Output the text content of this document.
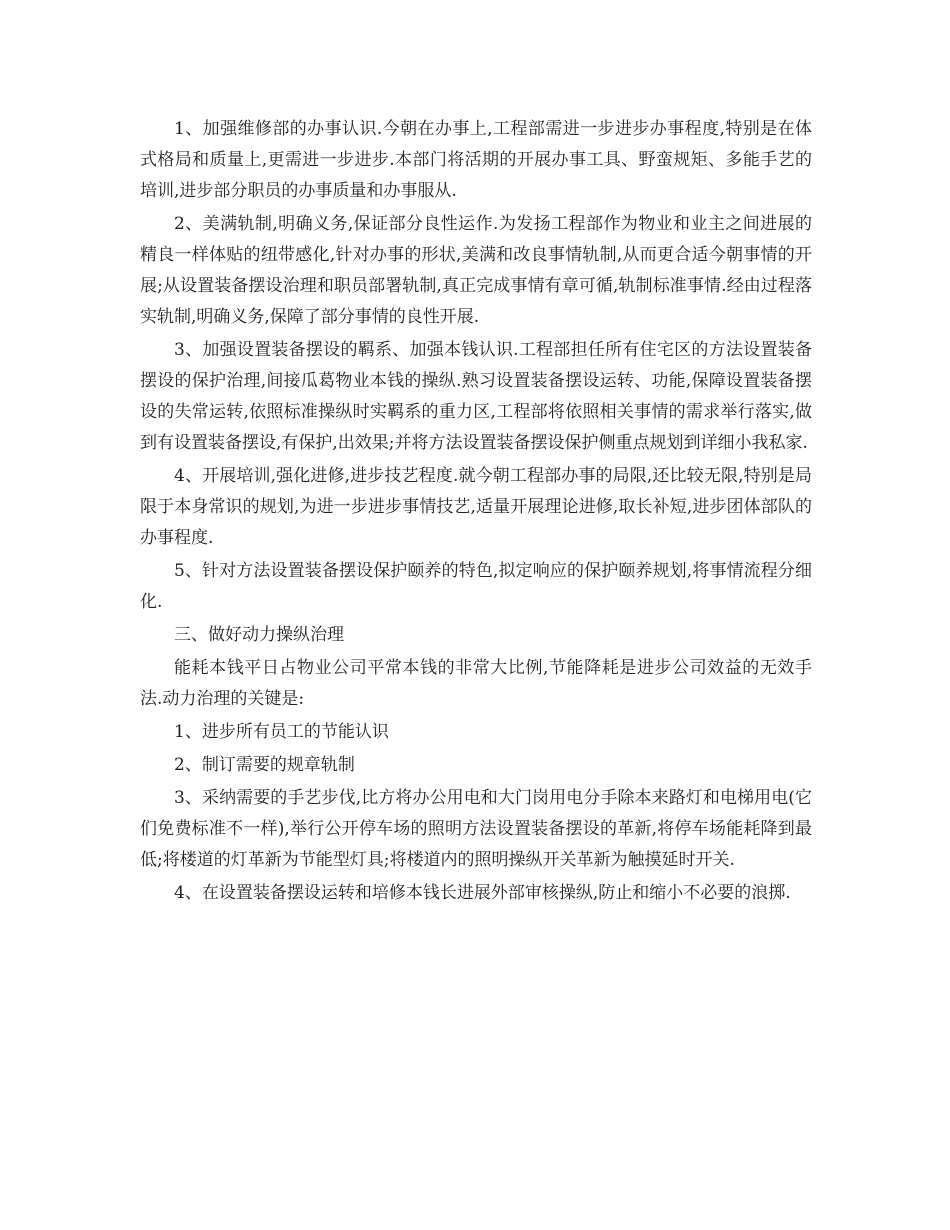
1、加强维修部的办事认识.今朝在办事上,工程部需进一步进步办事程度,特别是在体式格局和质量上,更需进一步进步.本部门将活期的开展办事工具、野蛮规矩、多能手艺的培训,进步部分职员的办事质量和办事服从.

2、美满轨制,明确义务,保证部分良性运作.为发扬工程部作为物业和业主之间进展的精良一样体贴的纽带感化,针对办事的形状,美满和改良事情轨制,从而更合适今朝事情的开展;从设置装备摆设治理和职员部署轨制,真正完成事情有章可循,轨制标准事情.经由过程落实轨制,明确义务,保障了部分事情的良性开展.

3、加强设置装备摆设的羁系、加强本钱认识.工程部担任所有住宅区的方法设置装备摆设的保护治理,间接瓜葛物业本钱的操纵.熟习设置装备摆设运转、功能,保障设置装备摆设的失常运转,依照标准操纵时实羁系的重力区,工程部将依照相关事情的需求举行落实,做到有设置装备摆设,有保护,出效果;并将方法设置装备摆设保护侧重点规划到详细小我私家.

4、开展培训,强化进修,进步技艺程度.就今朝工程部办事的局限,还比较无限,特别是局限于本身常识的规划,为进一步进步事情技艺,适量开展理论进修,取长补短,进步团体部队的办事程度.

5、针对方法设置装备摆设保护颐养的特色,拟定响应的保护颐养规划,将事情流程分细化.

三、做好动力操纵治理

能耗本钱平日占物业公司平常本钱的非常大比例,节能降耗是进步公司效益的无效手法.动力治理的关键是:

1、进步所有员工的节能认识

2、制订需要的规章轨制

3、采纳需要的手艺步伐,比方将办公用电和大门岗用电分手除本来路灯和电梯用电(它们免费标准不一样),举行公开停车场的照明方法设置装备摆设的革新,将停车场能耗降到最低;将楼道的灯革新为节能型灯具;将楼道内的照明操纵开关革新为触摸延时开关.

4、在设置装备摆设运转和培修本钱长进展外部审核操纵,防止和缩小不必要的浪掷.
